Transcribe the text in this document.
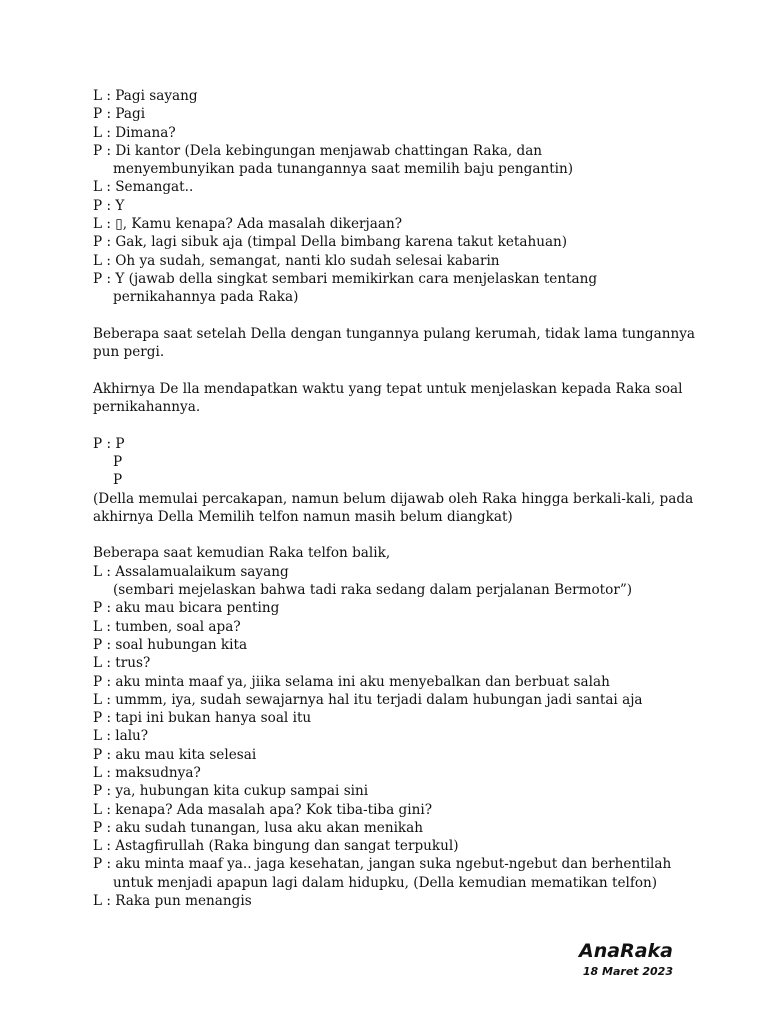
L : Pagi sayang
P : Pagi
L : Dimana?
P : Di kantor (Dela kebingungan menjawab chattingan Raka, dan
menyembunyikan pada tunangannya saat memilih baju pengantin)
L : Semangat..
P : Y
L : ▯, Kamu kenapa? Ada masalah dikerjaan?
P : Gak, lagi sibuk aja (timpal Della bimbang karena takut ketahuan)
L : Oh ya sudah, semangat, nanti klo sudah selesai kabarin
P : Y (jawab della singkat sembari memikirkan cara menjelaskan tentang
pernikahannya pada Raka)
Beberapa saat setelah Della dengan tungannya pulang kerumah, tidak lama tungannya
pun pergi.
Akhirnya De lla mendapatkan waktu yang tepat untuk menjelaskan kepada Raka soal
pernikahannya.
P : P
P
P
(Della memulai percakapan, namun belum dijawab oleh Raka hingga berkali-kali, pada
akhirnya Della Memilih telfon namun masih belum diangkat)
Beberapa saat kemudian Raka telfon balik,
L : Assalamualaikum sayang
(sembari mejelaskan bahwa tadi raka sedang dalam perjalanan Bermotor”)
P : aku mau bicara penting
L : tumben, soal apa?
P : soal hubungan kita
L : trus?
P : aku minta maaf ya, jiika selama ini aku menyebalkan dan berbuat salah
L : ummm, iya, sudah sewajarnya hal itu terjadi dalam hubungan jadi santai aja
P : tapi ini bukan hanya soal itu
L : lalu?
P : aku mau kita selesai
L : maksudnya?
P : ya, hubungan kita cukup sampai sini
L : kenapa? Ada masalah apa? Kok tiba-tiba gini?
P : aku sudah tunangan, lusa aku akan menikah
L : Astagfirullah (Raka bingung dan sangat terpukul)
P : aku minta maaf ya.. jaga kesehatan, jangan suka ngebut-ngebut dan berhentilah
untuk menjadi apapun lagi dalam hidupku, (Della kemudian mematikan telfon)
L : Raka pun menangis
AnaRaka
18 Maret 2023
